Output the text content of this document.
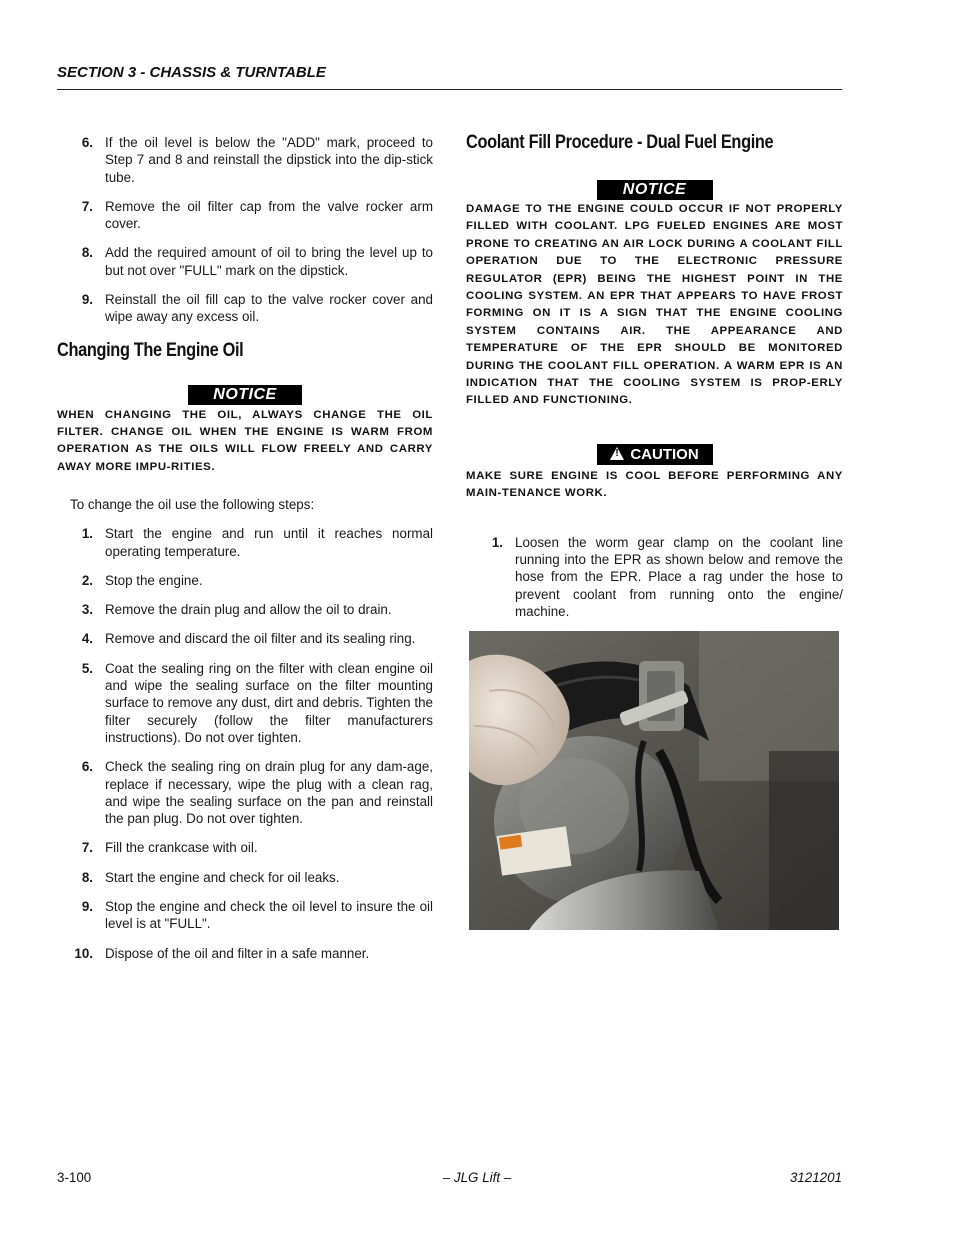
SECTION 3 - CHASSIS & TURNTABLE
6. If the oil level is below the "ADD" mark, proceed to Step 7 and 8 and reinstall the dipstick into the dip-stick tube.
7. Remove the oil filter cap from the valve rocker arm cover.
8. Add the required amount of oil to bring the level up to but not over "FULL" mark on the dipstick.
9. Reinstall the oil fill cap to the valve rocker cover and wipe away any excess oil.
Changing The Engine Oil
NOTICE
WHEN CHANGING THE OIL, ALWAYS CHANGE THE OIL FILTER. CHANGE OIL WHEN THE ENGINE IS WARM FROM OPERATION AS THE OILS WILL FLOW FREELY AND CARRY AWAY MORE IMPU-RITIES.
To change the oil use the following steps:
1. Start the engine and run until it reaches normal operating temperature.
2. Stop the engine.
3. Remove the drain plug and allow the oil to drain.
4. Remove and discard the oil filter and its sealing ring.
5. Coat the sealing ring on the filter with clean engine oil and wipe the sealing surface on the filter mounting surface to remove any dust, dirt and debris. Tighten the filter securely (follow the filter manufacturers instructions). Do not over tighten.
6. Check the sealing ring on drain plug for any dam-age, replace if necessary, wipe the plug with a clean rag, and wipe the sealing surface on the pan and reinstall the pan plug. Do not over tighten.
7. Fill the crankcase with oil.
8. Start the engine and check for oil leaks.
9. Stop the engine and check the oil level to insure the oil level is at "FULL".
10. Dispose of the oil and filter in a safe manner.
Coolant Fill Procedure - Dual Fuel Engine
NOTICE
DAMAGE TO THE ENGINE COULD OCCUR IF NOT PROPERLY FILLED WITH COOLANT. LPG FUELED ENGINES ARE MOST PRONE TO CREATING AN AIR LOCK DURING A COOLANT FILL OPERATION DUE TO THE ELECTRONIC PRESSURE REGULATOR (EPR) BEING THE HIGHEST POINT IN THE COOLING SYSTEM. AN EPR THAT APPEARS TO HAVE FROST FORMING ON IT IS A SIGN THAT THE ENGINE COOLING SYSTEM CONTAINS AIR. THE APPEARANCE AND TEMPERATURE OF THE EPR SHOULD BE MONITORED DURING THE COOLANT FILL OPERATION. A WARM EPR IS AN INDICATION THAT THE COOLING SYSTEM IS PROP-ERLY FILLED AND FUNCTIONING.
! CAUTION
MAKE SURE ENGINE IS COOL BEFORE PERFORMING ANY MAIN-TENANCE WORK.
1. Loosen the worm gear clamp on the coolant line running into the EPR as shown below and remove the hose from the EPR. Place a rag under the hose to prevent coolant from running onto the engine/ machine.
3-100	– JLG Lift –	3121201
